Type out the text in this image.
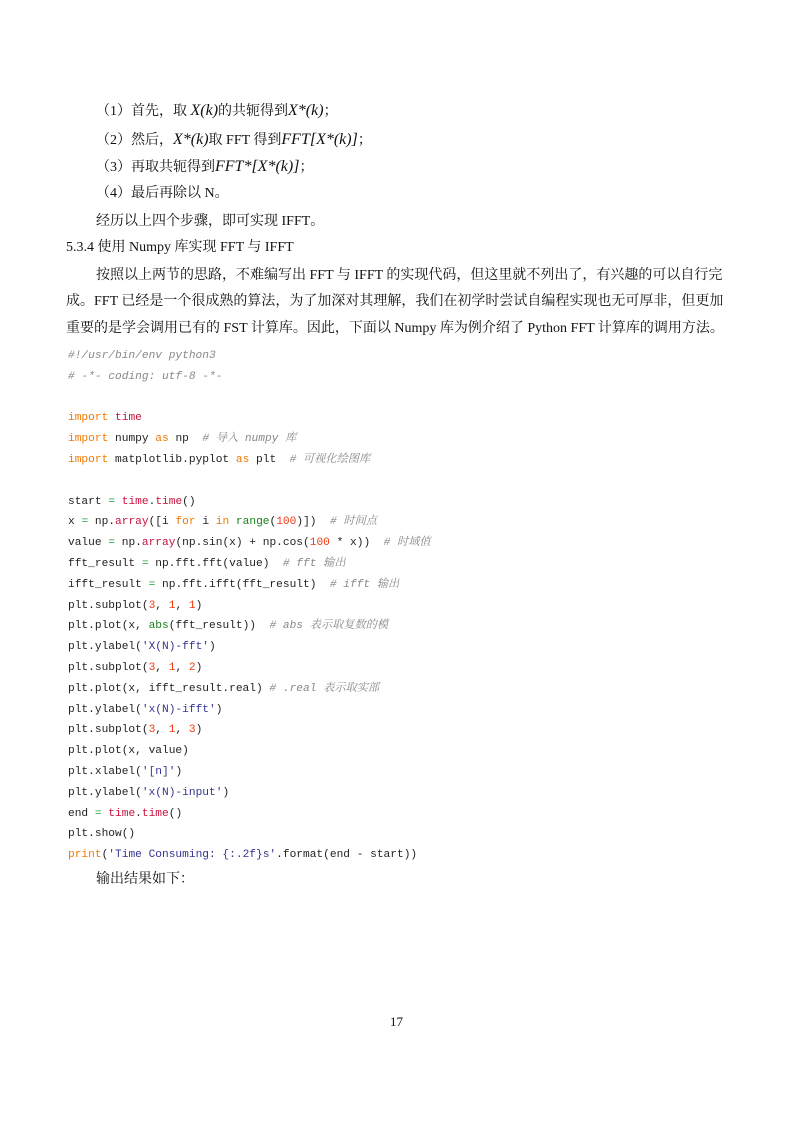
（1）首先，取 X(k)的共轭得到X*(k)；
（2）然后，X*(k)取 FFT 得到FFT[X*(k)]；
（3）再取共轭得到FFT*[X*(k)]；
（4）最后再除以 N。
经历以上四个步骤，即可实现 IFFT。
5.3.4 使用 Numpy 库实现 FFT 与 IFFT
按照以上两节的思路，不难编写出 FFT 与 IFFT 的实现代码，但这里就不列出了，有兴趣的可以自行完
成。FFT 已经是一个很成熟的算法，为了加深对其理解，我们在初学时尝试自编程实现也无可厚非，但更加
重要的是学会调用已有的 FST 计算库。因此，下面以 Numpy 库为例介绍了 Python FFT 计算库的调用方法。
#!/usr/bin/env python3
# -*- coding: utf-8 -*-

import time
import numpy as np  # 导入 numpy 库
import matplotlib.pyplot as plt  # 可视化绘图库

start = time.time()
x = np.array([i for i in range(100)])  # 时间点
value = np.array(np.sin(x) + np.cos(100 * x))  # 时域值
fft_result = np.fft.fft(value)  # fft 输出
ifft_result = np.fft.ifft(fft_result)  # ifft 输出
plt.subplot(3, 1, 1)
plt.plot(x, abs(fft_result))  # abs 表示取复数的模
plt.ylabel('X(N)-fft')
plt.subplot(3, 1, 2)
plt.plot(x, ifft_result.real) # .real 表示取实部
plt.ylabel('x(N)-ifft')
plt.subplot(3, 1, 3)
plt.plot(x, value)
plt.xlabel('[n]')
plt.ylabel('x(N)-input')
end = time.time()
plt.show()
print('Time Consuming: {:.2f}s'.format(end - start))
输出结果如下：
17
